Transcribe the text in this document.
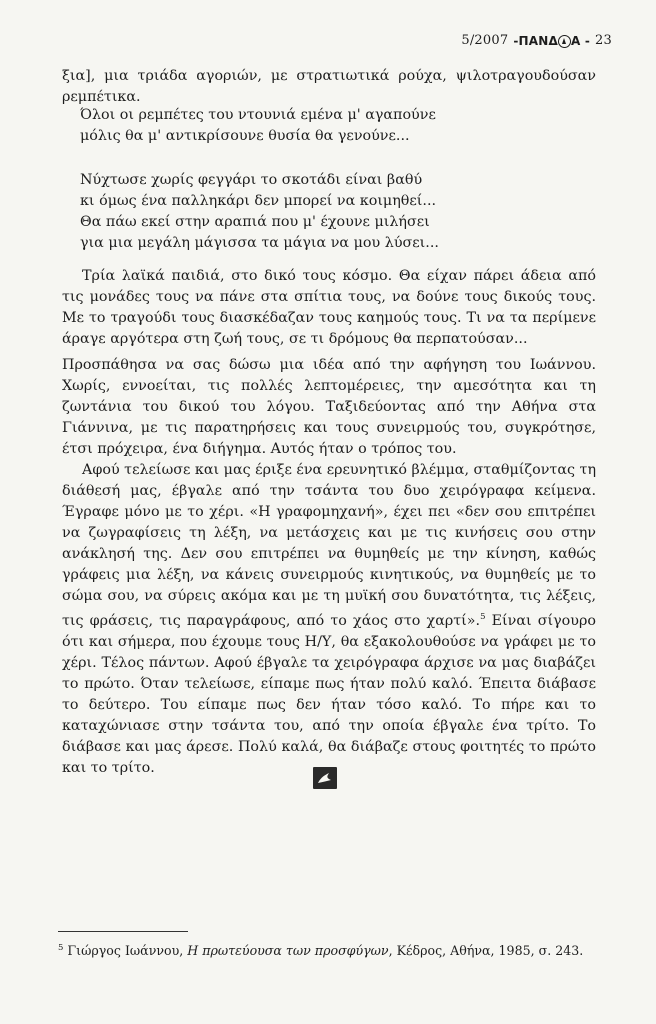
5/2007 -ΠΑΝΔ Α - 23

ξια], μια τριάδα αγοριών, με στρατιωτικά ρούχα, ψιλοτραγουδούσαν ρεμπέτικα.

Όλοι οι ρεμπέτες του ντουνιά εμένα μ' αγαπούνε
μόλις θα μ' αντικρίσουνε θυσία θα γενούνε...
Νύχτωσε χωρίς φεγγάρι το σκοτάδι είναι βαθύ
κι όμως ένα παλληκάρι δεν μπορεί να κοιμηθεί...
Θα πάω εκεί στην αραπιά που μ' έχουνε μιλήσει
για μια μεγάλη μάγισσα τα μάγια να μου λύσει...

Τρία λαϊκά παιδιά, στο δικό τους κόσμο. Θα είχαν πάρει άδεια από τις μονάδες τους να πάνε στα σπίτια τους, να δούνε τους δικούς τους. Με το τραγούδι τους διασκέδαζαν τους καημούς τους. Τι να τα περίμενε άραγε αργότερα στη ζωή τους, σε τι δρόμους θα περπατούσαν...

Προσπάθησα να σας δώσω μια ιδέα από την αφήγηση του Ιωάννου. Χωρίς, εννοείται, τις πολλές λεπτομέρειες, την αμεσότητα και τη ζωντάνια του δικού του λόγου. Ταξιδεύοντας από την Αθήνα στα Γιάννινα, με τις παρατηρήσεις και τους συνειρμούς του, συγκρότησε, έτσι πρόχειρα, ένα διήγημα. Αυτός ήταν ο τρόπος του.

Αφού τελείωσε και μας έριξε ένα ερευνητικό βλέμμα, σταθμίζοντας τη διάθεσή μας, έβγαλε από την τσάντα του δυο χειρόγραφα κείμενα. Έγραφε μόνο με το χέρι. «Η γραφομηχανή», έχει πει «δεν σου επιτρέπει να ζωγραφίσεις τη λέξη, να μετάσχεις και με τις κινήσεις σου στην ανάκλησή της. Δεν σου επιτρέπει να θυμηθείς με την κίνηση, καθώς γράφεις μια λέξη, να κάνεις συνειρμούς κινητικούς, να θυμηθείς με το σώμα σου, να σύρεις ακόμα και με τη μυϊκή σου δυνατότητα, τις λέξεις, τις φράσεις, τις παραγράφους, από το χάος στο χαρτί».$^5$ Είναι σίγουρο ότι και σήμερα, που έχουμε τους Η/Υ, θα εξακολουθούσε να γράφει με το χέρι. Τέλος πάντων. Αφού έβγαλε τα χειρόγραφα άρχισε να μας διαβάζει το πρώτο. Όταν τελείωσε, είπαμε πως ήταν πολύ καλό. Έπειτα διάβασε το δεύτερο. Του είπαμε πως δεν ήταν τόσο καλό. Το πήρε και το καταχώνιασε στην τσάντα του, από την οποία έβγαλε ένα τρίτο. Το διάβασε και μας άρεσε. Πολύ καλά, θα διάβαζε στους φοιτητές το πρώτο και το τρίτο.

$^5$ Γιώργος Ιωάννου, Η πρωτεύουσα των προσφύγων, Κέδρος, Αθήνα, 1985, σ. 243.
